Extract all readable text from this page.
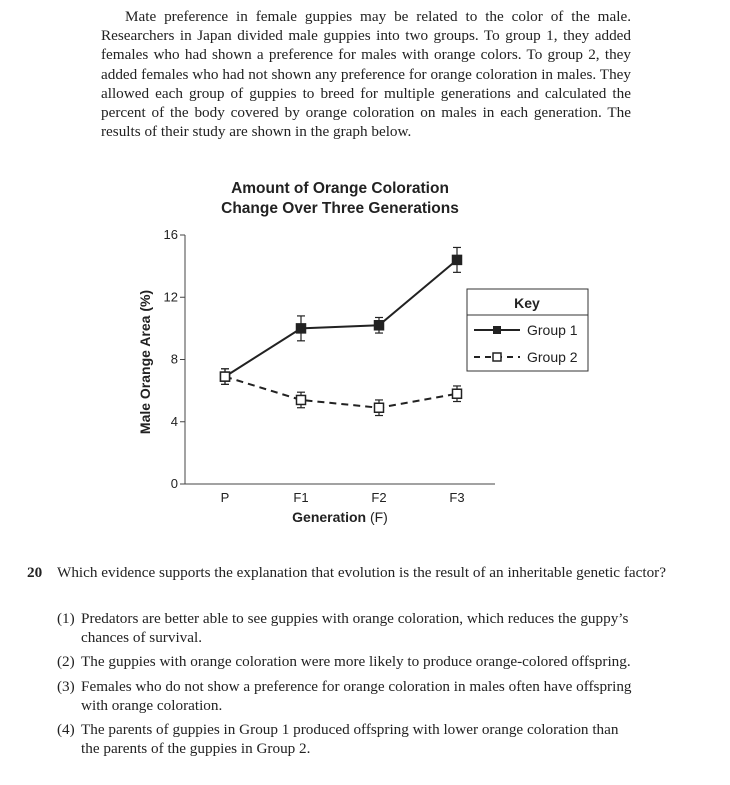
Mate preference in female guppies may be related to the color of the male. Researchers in Japan divided male guppies into two groups. To group 1, they added females who had shown a preference for males with orange colors. To group 2, they added females who had not shown any preference for orange coloration in males. They allowed each group of guppies to breed for multiple generations and calculated the percent of the body covered by orange coloration on males in each generation. The results of their study are shown in the graph below.

Amount of Orange Coloration
Change Over Three Generations
Male Orange Area (%)
Generation (F)
0
4
8
12
16
P	F1	F2	F3
Key
Group 1
Group 2
20 Which evidence supports the explanation that evolution is the result of an inheritable genetic factor?
(1) Predators are better able to see guppies with orange coloration, which reduces the guppy’s chances of survival.
(2) The guppies with orange coloration were more likely to produce orange-colored offspring.
(3) Females who do not show a preference for orange coloration in males often have offspring with orange coloration.
(4) The parents of guppies in Group 1 produced offspring with lower orange coloration than the parents of the guppies in Group 2.
